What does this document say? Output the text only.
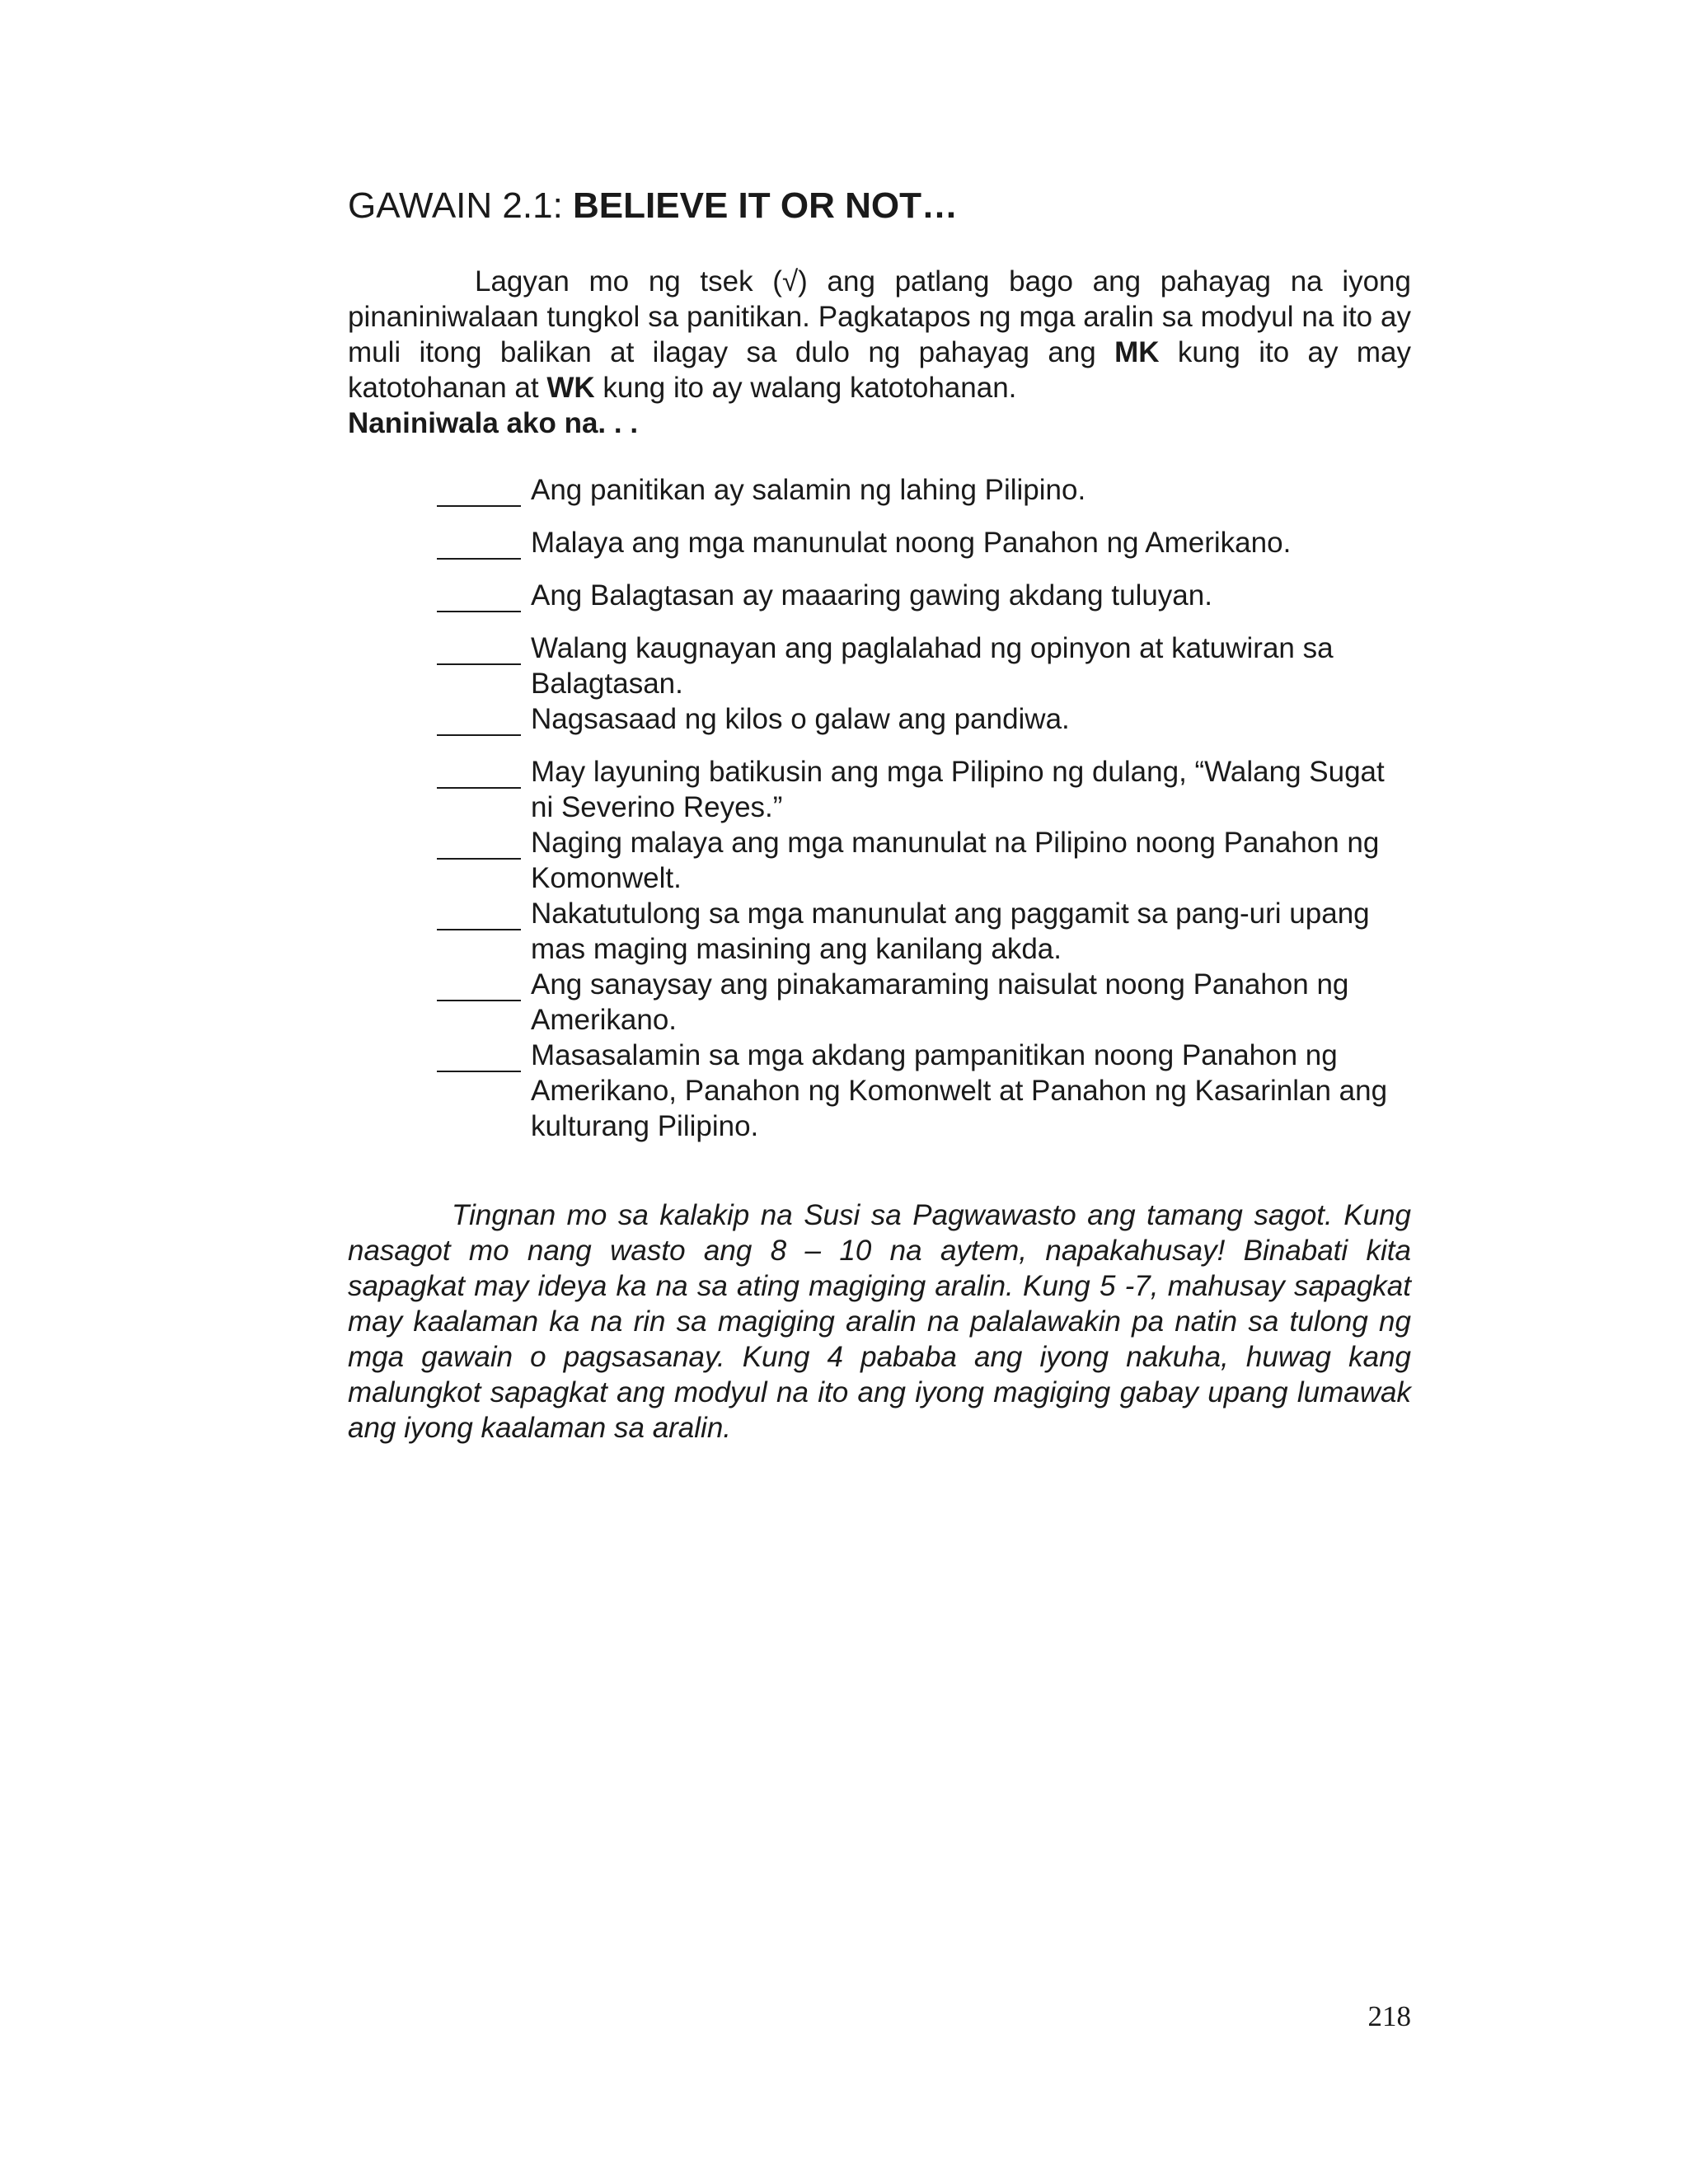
GAWAIN 2.1: BELIEVE IT OR NOT…

Lagyan mo ng tsek (√) ang patlang bago ang pahayag na iyong pinaniniwalaan tungkol sa panitikan. Pagkatapos ng mga aralin sa modyul na ito ay muli itong balikan at ilagay sa dulo ng pahayag ang MK kung ito ay may katotohanan at WK kung ito ay walang katotohanan.

Naniniwala ako na. . .
Ang panitikan ay salamin ng lahing Pilipino.
Malaya ang mga manunulat noong Panahon ng Amerikano.
Ang Balagtasan ay maaaring gawing akdang tuluyan.
Walang kaugnayan ang paglalahad ng opinyon at katuwiran sa Balagtasan.
Nagsasaad ng kilos o galaw ang pandiwa.
May layuning batikusin ang mga Pilipino ng dulang, “Walang Sugat ni Severino Reyes.”
Naging malaya ang mga manunulat na Pilipino noong Panahon ng Komonwelt.
Nakatutulong sa mga manunulat ang paggamit sa pang-uri upang mas maging masining ang kanilang akda.
Ang sanaysay ang pinakamaraming naisulat noong Panahon ng Amerikano.
Masasalamin sa mga akdang pampanitikan noong Panahon ng Amerikano, Panahon ng Komonwelt at Panahon ng Kasarinlan ang kulturang Pilipino.

Tingnan mo sa kalakip na Susi sa Pagwawasto ang tamang sagot. Kung nasagot mo nang wasto ang 8 – 10 na aytem, napakahusay! Binabati kita sapagkat may ideya ka na sa ating magiging aralin. Kung 5 -7, mahusay sapagkat may kaalaman ka na rin sa magiging aralin na palalawakin pa natin sa tulong ng mga gawain o pagsasanay. Kung 4 pababa ang iyong nakuha, huwag kang malungkot sapagkat ang modyul na ito ang iyong magiging gabay upang lumawak ang iyong kaalaman sa aralin.

218
